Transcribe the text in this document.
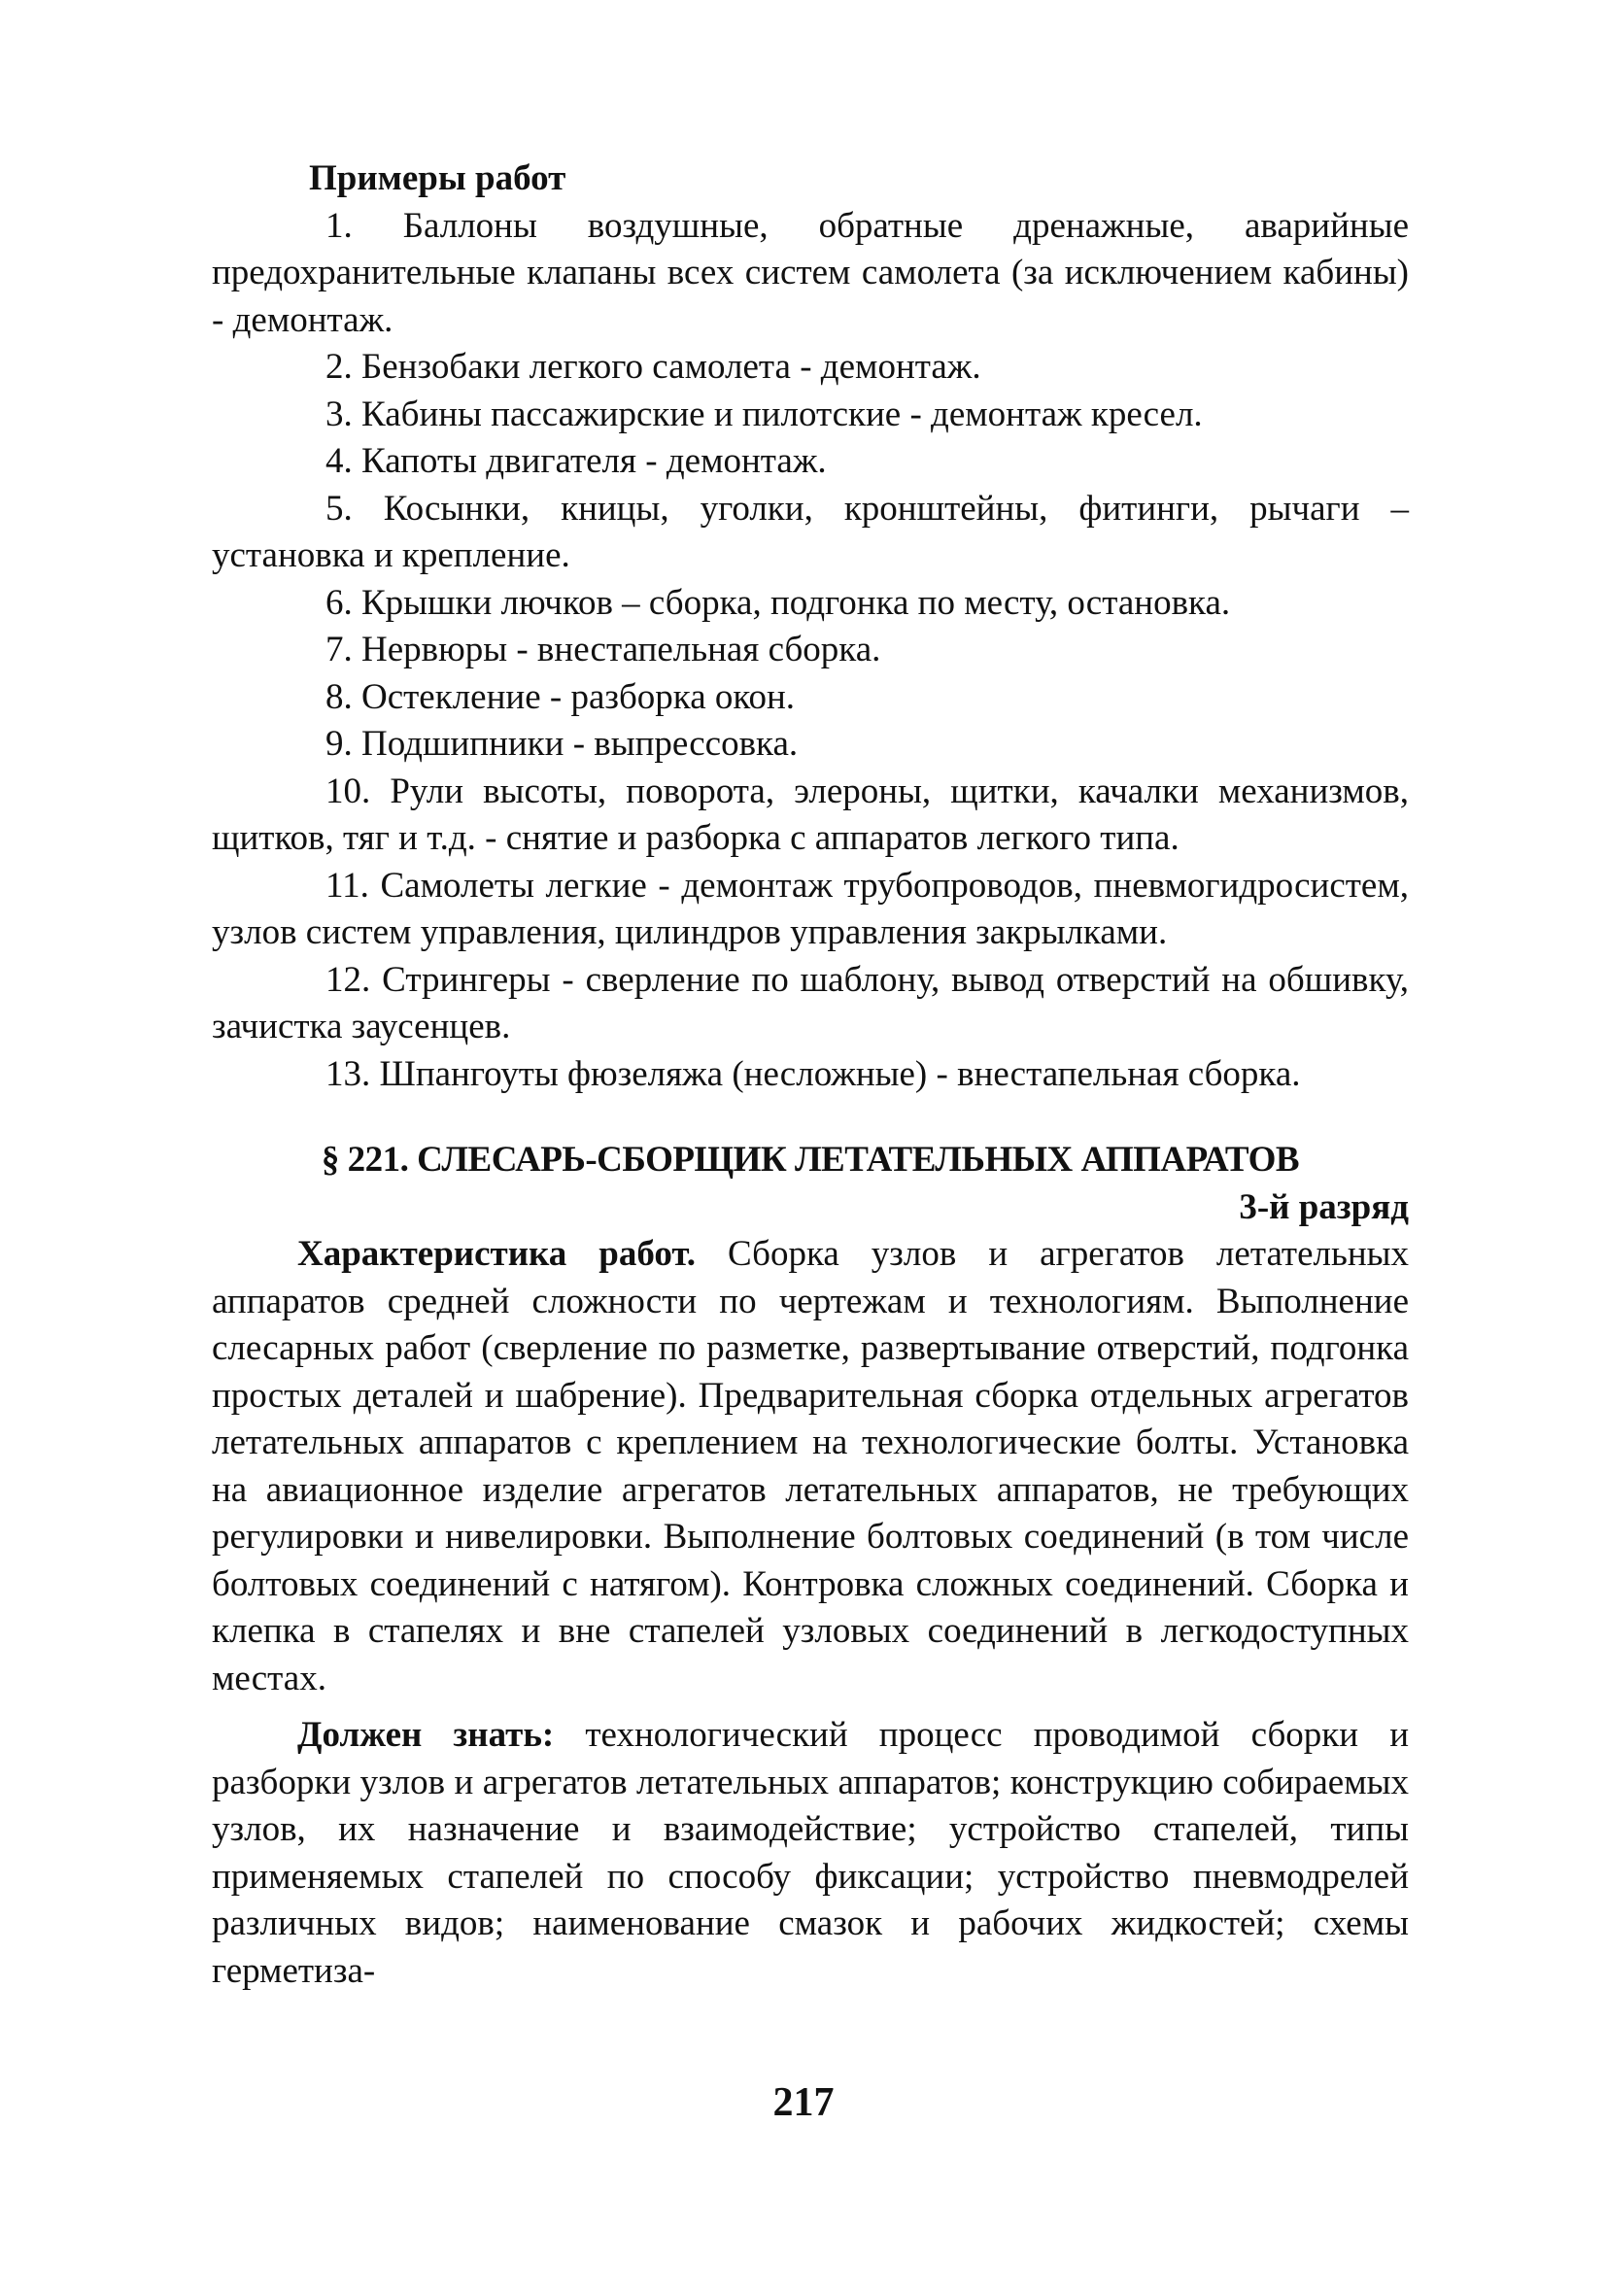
Примеры работ

1. Баллоны воздушные, обратные дренажные, аварийные предохранительные клапаны всех систем самолета (за исключением кабины) - демонтаж.

2. Бензобаки легкого самолета - демонтаж.

3. Кабины пассажирские и пилотские - демонтаж кресел.

4. Капоты двигателя - демонтаж.

5. Косынки, кницы, уголки, кронштейны, фитинги, рычаги – установка и крепление.

6. Крышки лючков – сборка, подгонка по месту, остановка.

7. Нервюры - внестапельная сборка.

8. Остекление - разборка окон.

9. Подшипники - выпрессовка.

10. Рули высоты, поворота, элероны, щитки, качалки механизмов, щитков, тяг и т.д. - снятие и разборка с аппаратов легкого типа.

11. Самолеты легкие - демонтаж трубопроводов, пневмогидросистем, узлов систем управления, цилиндров управления закрылками.

12. Стрингеры - сверление по шаблону, вывод отверстий на обшивку, зачистка заусенцев.

13. Шпангоуты фюзеляжа (несложные) - внестапельная сборка.

§ 221. СЛЕСАРЬ-СБОРЩИК ЛЕТАТЕЛЬНЫХ АППАРАТОВ

3-й разряд

Характеристика работ. Сборка узлов и агрегатов летательных аппаратов средней сложности по чертежам и технологиям. Выполнение слесарных работ (сверление по разметке, развертывание отверстий, подгонка простых деталей и шабрение). Предварительная сборка отдельных агрегатов летательных аппаратов с креплением на технологические болты. Установка на авиационное изделие агрегатов летательных аппаратов, не требующих регулировки и нивелировки. Выполнение болтовых соединений (в том числе болтовых соединений с натягом). Контровка сложных соединений. Сборка и клепка в стапелях и вне стапелей узловых соединений в легкодоступных местах.

Должен знать: технологический процесс проводимой сборки и разборки узлов и агрегатов летательных аппаратов; конструкцию собираемых узлов, их назначение и взаимодействие; устройство стапелей, типы применяемых стапелей по способу фиксации; устройство пневмодрелей различных видов; наименование смазок и рабочих жидкостей; схемы герметиза-

217
